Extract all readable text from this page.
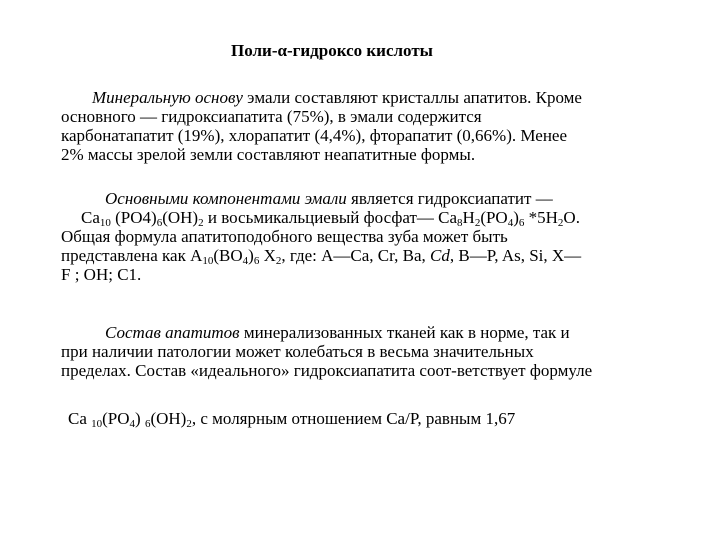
Поли-α-гидроксо кислоты
Минеральную основу эмали составляют кристаллы апатитов. Кроме
основного — гидроксиапатита (75%), в эмали содержится
карбонатапатит (19%), хлорапатит (4,4%), фторапатит (0,66%). Менее
2% массы зрелой земли составляют неапатитные формы.
Основными компонентами эмали является гидроксиапатит —
$Ca_{10}$ $(PO4)_6(OH)_2$ и восьмикальциевый фосфат— $Ca_8H_2(PO_4)_6$ $*5H_2O$.
Общая формула апатитоподобного вещества зуба может быть
представлена как $A_{10}(BO_4)_6$ $X_2$, где: A—Ca, Cr, Ba, Cd, B—P, As, Si, X—
F ; OH; C1.
Состав апатитов минерализованных тканей как в норме, так и
при наличии патологии может колебаться в весьма значительных
пределах. Состав «идеального» гидроксиапатита соот-ветствует формуле
Ca $_{10}(PO_4)$ $_6(OH)_2$, с молярным отношением Ca/P, равным 1,67
